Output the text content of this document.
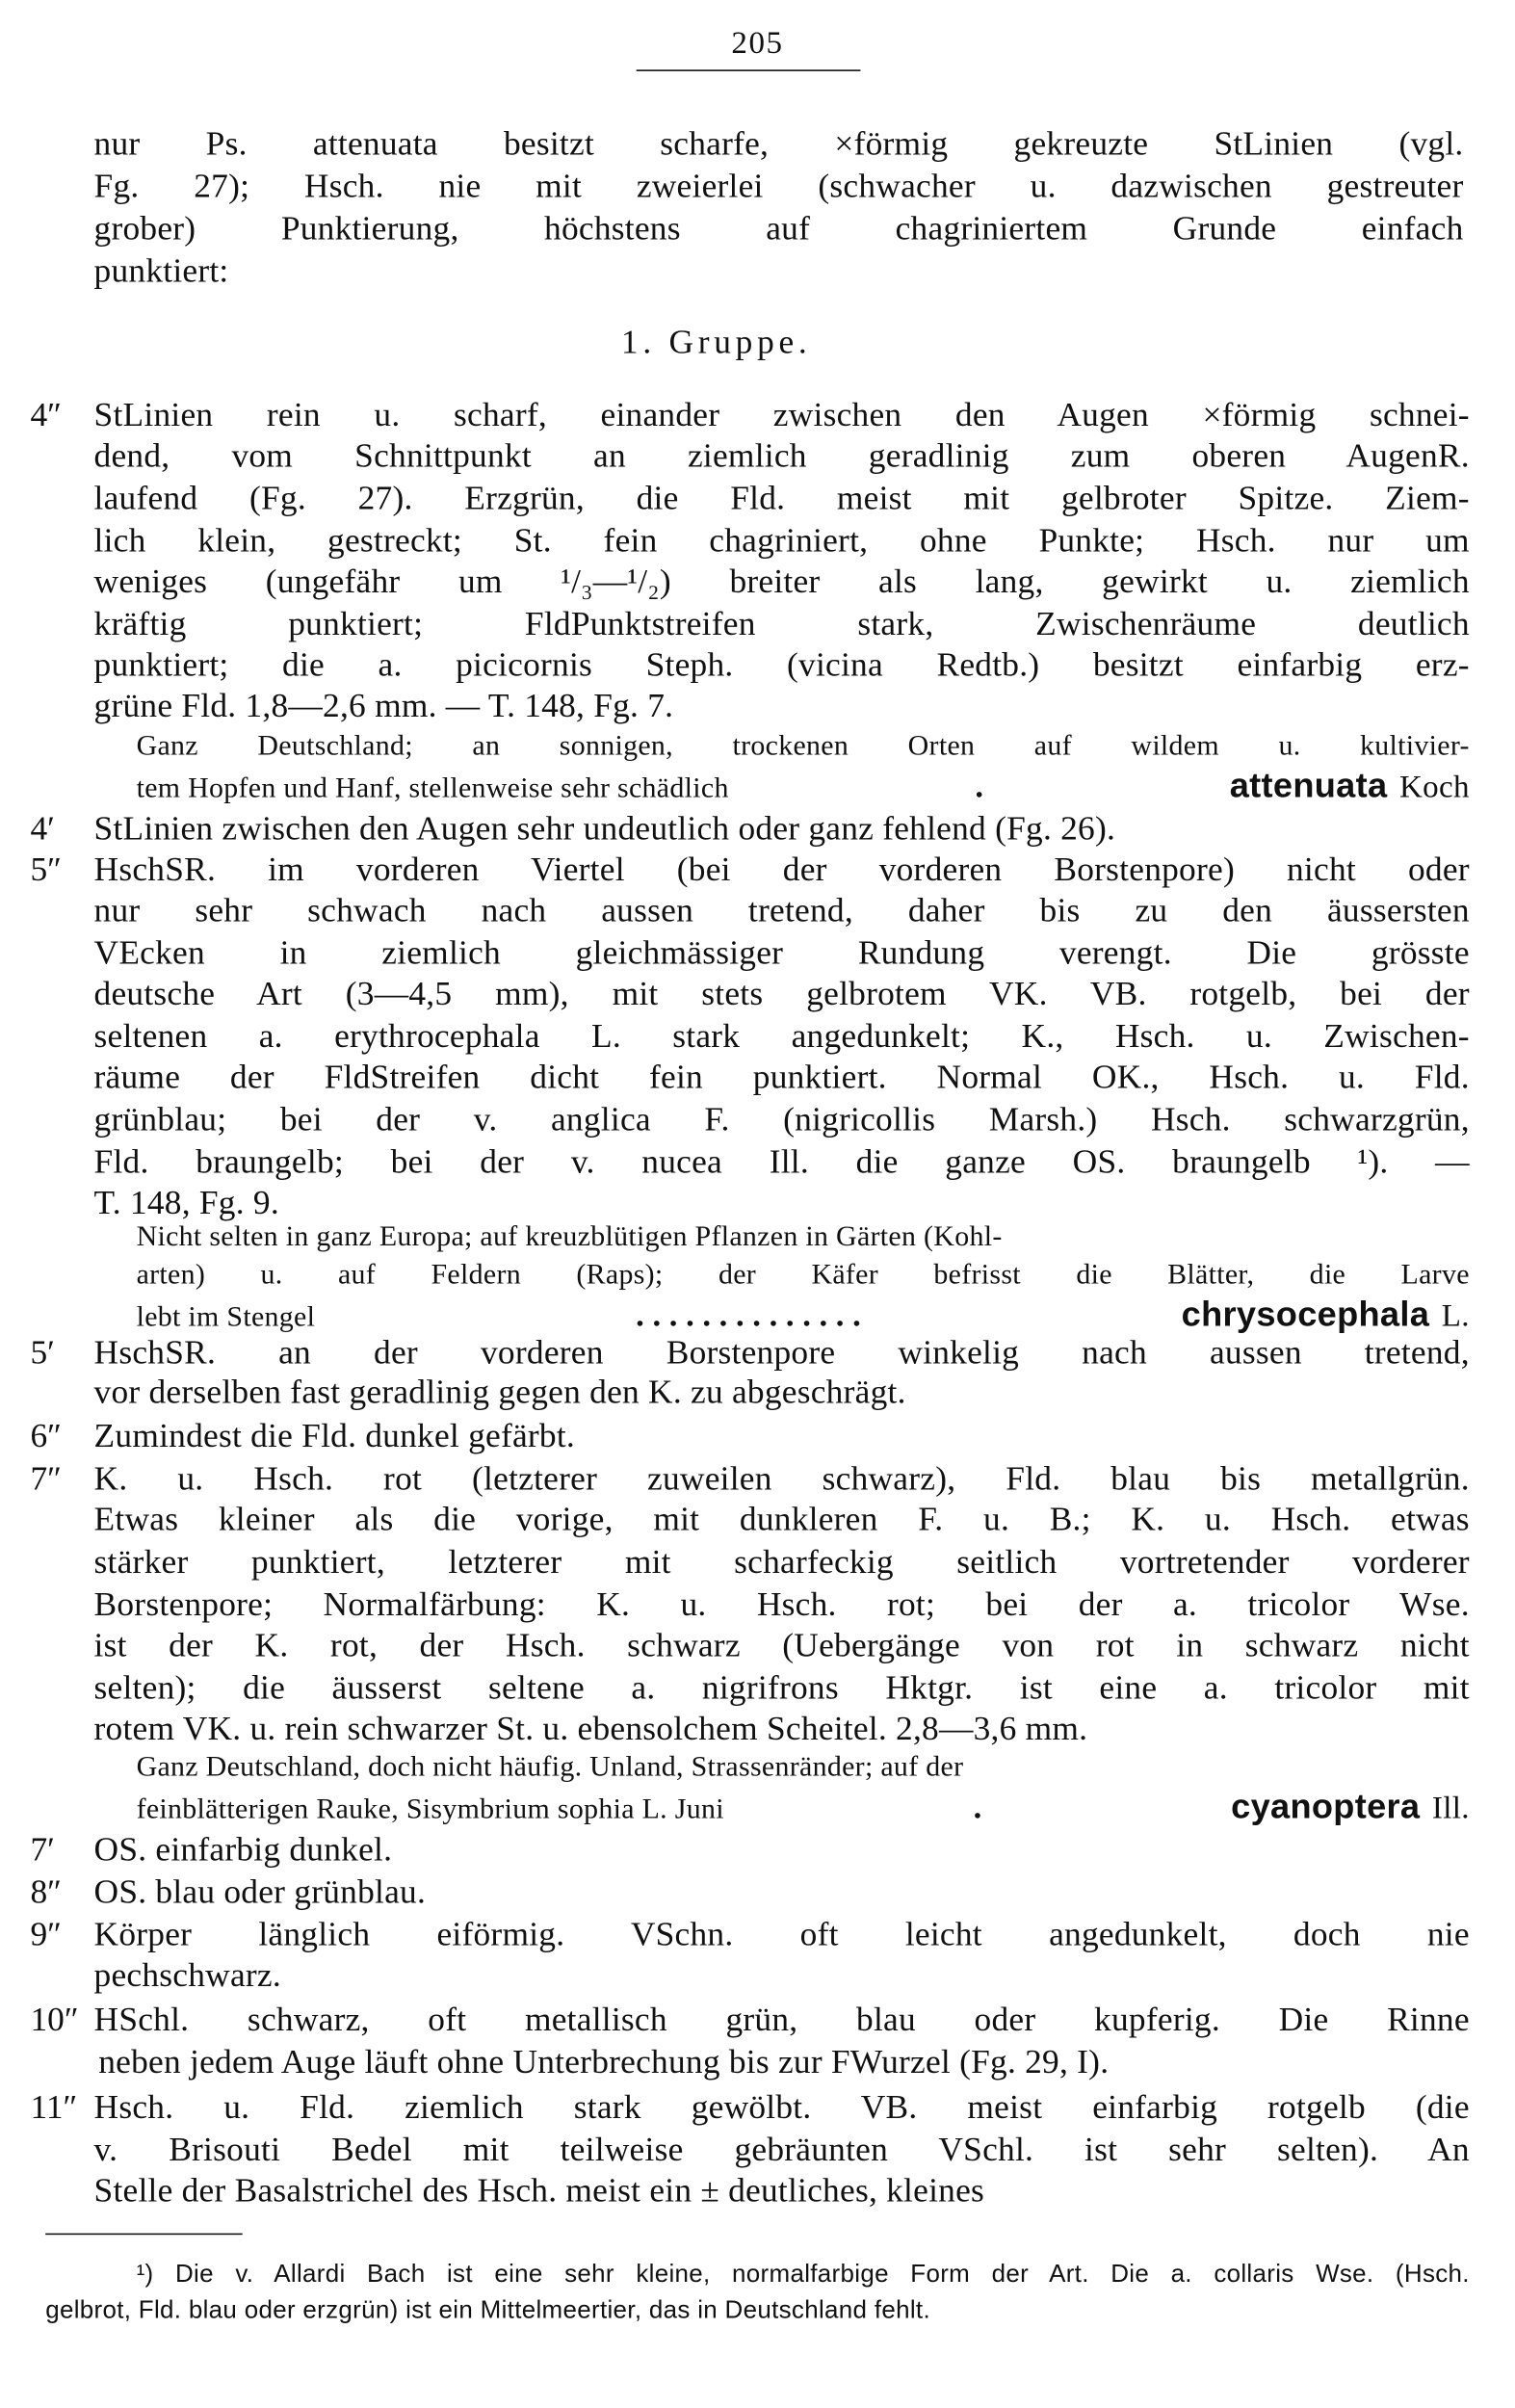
205
nur Ps. attenuata besitzt scharfe, ×förmig gekreuzte StLinien (vgl.
Fg. 27); Hsch. nie mit zweierlei (schwacher u. dazwischen gestreuter
grober) Punktierung, höchstens auf chagriniertem Grunde einfach
punktiert:
1. Gruppe.
4″ StLinien rein u. scharf, einander zwischen den Augen ×förmig schnei-
dend, vom Schnittpunkt an ziemlich geradlinig zum oberen AugenR.
laufend (Fg. 27). Erzgrün, die Fld. meist mit gelbroter Spitze. Ziem-
lich klein, gestreckt; St. fein chagriniert, ohne Punkte; Hsch. nur um
weniges (ungefähr um ¹/₃—¹/₂) breiter als lang, gewirkt u. ziemlich
kräftig punktiert; FldPunktstreifen stark, Zwischenräume deutlich
punktiert; die a. picicornis Steph. (vicina Redtb.) besitzt einfarbig erz-
grüne Fld. 1,8—2,6 mm. — T. 148, Fg. 7.
Ganz Deutschland; an sonnigen, trockenen Orten auf wildem u. kultivier-
tem Hopfen und Hanf, stellenweise sehr schädlich	.	attenuata Koch
4′ StLinien zwischen den Augen sehr undeutlich oder ganz fehlend (Fg. 26).
5″ HschSR. im vorderen Viertel (bei der vorderen Borstenpore) nicht oder
nur sehr schwach nach aussen tretend, daher bis zu den äussersten
VEcken in ziemlich gleichmässiger Rundung verengt. Die grösste
deutsche Art (3—4,5 mm), mit stets gelbrotem VK. VB. rotgelb, bei der
seltenen a. erythrocephala L. stark angedunkelt; K., Hsch. u. Zwischen-
räume der FldStreifen dicht fein punktiert. Normal OK., Hsch. u. Fld.
grünblau; bei der v. anglica F. (nigricollis Marsh.) Hsch. schwarzgrün,
Fld. braungelb; bei der v. nucea Ill. die ganze OS. braungelb ¹). —
T. 148, Fg. 9.
Nicht selten in ganz Europa; auf kreuzblütigen Pflanzen in Gärten (Kohl-
arten) u. auf Feldern (Raps); der Käfer befrisst die Blätter, die Larve
lebt im Stengel	. . . . . . . . . . . . . .	chrysocephala L.
5′ HschSR. an der vorderen Borstenpore winkelig nach aussen tretend,
vor derselben fast geradlinig gegen den K. zu abgeschrägt.
6″ Zumindest die Fld. dunkel gefärbt.
7″ K. u. Hsch. rot (letzterer zuweilen schwarz), Fld. blau bis metallgrün.
Etwas kleiner als die vorige, mit dunkleren F. u. B.; K. u. Hsch. etwas
stärker punktiert, letzterer mit scharfeckig seitlich vortretender vorderer
Borstenpore; Normalfärbung: K. u. Hsch. rot; bei der a. tricolor Wse.
ist der K. rot, der Hsch. schwarz (Uebergänge von rot in schwarz nicht
selten); die äusserst seltene a. nigrifrons Hktgr. ist eine a. tricolor mit
rotem VK. u. rein schwarzer St. u. ebensolchem Scheitel. 2,8—3,6 mm.
Ganz Deutschland, doch nicht häufig. Unland, Strassenränder; auf der
feinblätterigen Rauke, Sisymbrium sophia L. Juni	.	cyanoptera Ill.
7′ OS. einfarbig dunkel.
8″ OS. blau oder grünblau.
9″ Körper länglich eiförmig. VSchn. oft leicht angedunkelt, doch nie
pechschwarz.
10″ HSchl. schwarz, oft metallisch grün, blau oder kupferig. Die Rinne
neben jedem Auge läuft ohne Unterbrechung bis zur FWurzel (Fg. 29, I).
11″ Hsch. u. Fld. ziemlich stark gewölbt. VB. meist einfarbig rotgelb (die
v. Brisouti Bedel mit teilweise gebräunten VSchl. ist sehr selten). An
Stelle der Basalstrichel des Hsch. meist ein ± deutliches, kleines
¹) Die v. Allardi Bach ist eine sehr kleine, normalfarbige Form der Art. Die a. collaris Wse. (Hsch.
gelbrot, Fld. blau oder erzgrün) ist ein Mittelmeertier, das in Deutschland fehlt.
